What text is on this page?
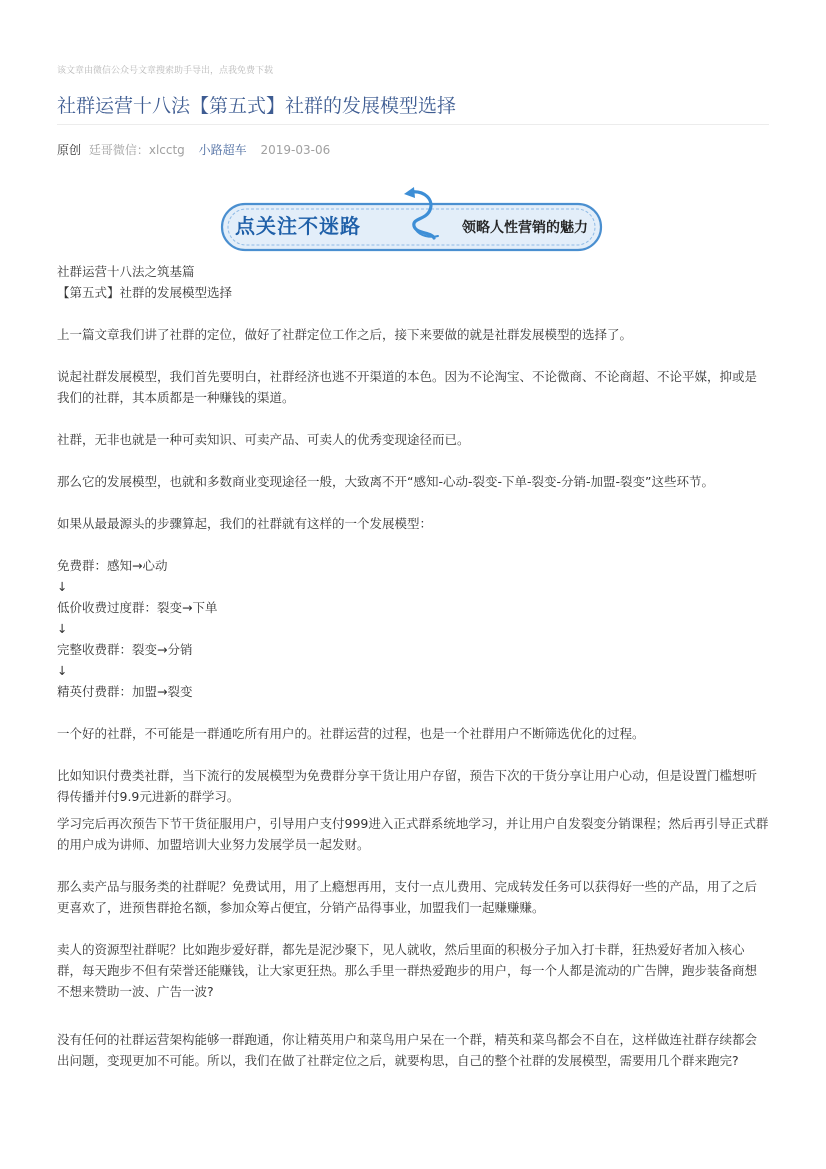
该文章由微信公众号文章搜索助手导出，点我免费下载
社群运营十八法【第五式】社群的发展模型选择
原创 廷哥微信：xlcctg 小路超车 2019-03-06
点关注不迷路	领略人性营销的魅力

社群运营十八法之筑基篇

【第五式】社群的发展模型选择

上一篇文章我们讲了社群的定位，做好了社群定位工作之后，接下来要做的就是社群发展模型的选择了。

说起社群发展模型，我们首先要明白，社群经济也逃不开渠道的本色。因为不论淘宝、不论微商、不论商超、不论平媒，抑或是我们的社群，其本质都是一种赚钱的渠道。

社群，无非也就是一种可卖知识、可卖产品、可卖人的优秀变现途径而已。

那么它的发展模型，也就和多数商业变现途径一般，大致离不开“感知-心动-裂变-下单-裂变-分销-加盟-裂变”这些环节。

如果从最最源头的步骤算起，我们的社群就有这样的一个发展模型：

免费群：感知→心动

↓

低价收费过度群：裂变→下单

↓

完整收费群：裂变→分销

↓

精英付费群：加盟→裂变

一个好的社群，不可能是一群通吃所有用户的。社群运营的过程，也是一个社群用户不断筛选优化的过程。

比如知识付费类社群，当下流行的发展模型为免费群分享干货让用户存留，预告下次的干货分享让用户心动，但是设置门槛想听得传播并付9.9元进新的群学习。

学习完后再次预告下节干货征服用户，引导用户支付999进入正式群系统地学习，并让用户自发裂变分销课程；然后再引导正式群的用户成为讲师、加盟培训大业努力发展学员一起发财。

那么卖产品与服务类的社群呢？免费试用，用了上瘾想再用，支付一点儿费用、完成转发任务可以获得好一些的产品，用了之后更喜欢了，进预售群抢名额，参加众筹占便宜，分销产品得事业，加盟我们一起赚赚赚。

卖人的资源型社群呢？比如跑步爱好群，都先是泥沙聚下，见人就收，然后里面的积极分子加入打卡群，狂热爱好者加入核心群，每天跑步不但有荣誉还能赚钱，让大家更狂热。那么手里一群热爱跑步的用户，每一个人都是流动的广告牌，跑步装备商想不想来赞助一波、广告一波?

没有任何的社群运营架构能够一群跑通，你让精英用户和菜鸟用户呆在一个群，精英和菜鸟都会不自在，这样做连社群存续都会出问题，变现更加不可能。所以，我们在做了社群定位之后，就要构思，自己的整个社群的发展模型，需要用几个群来跑完?
